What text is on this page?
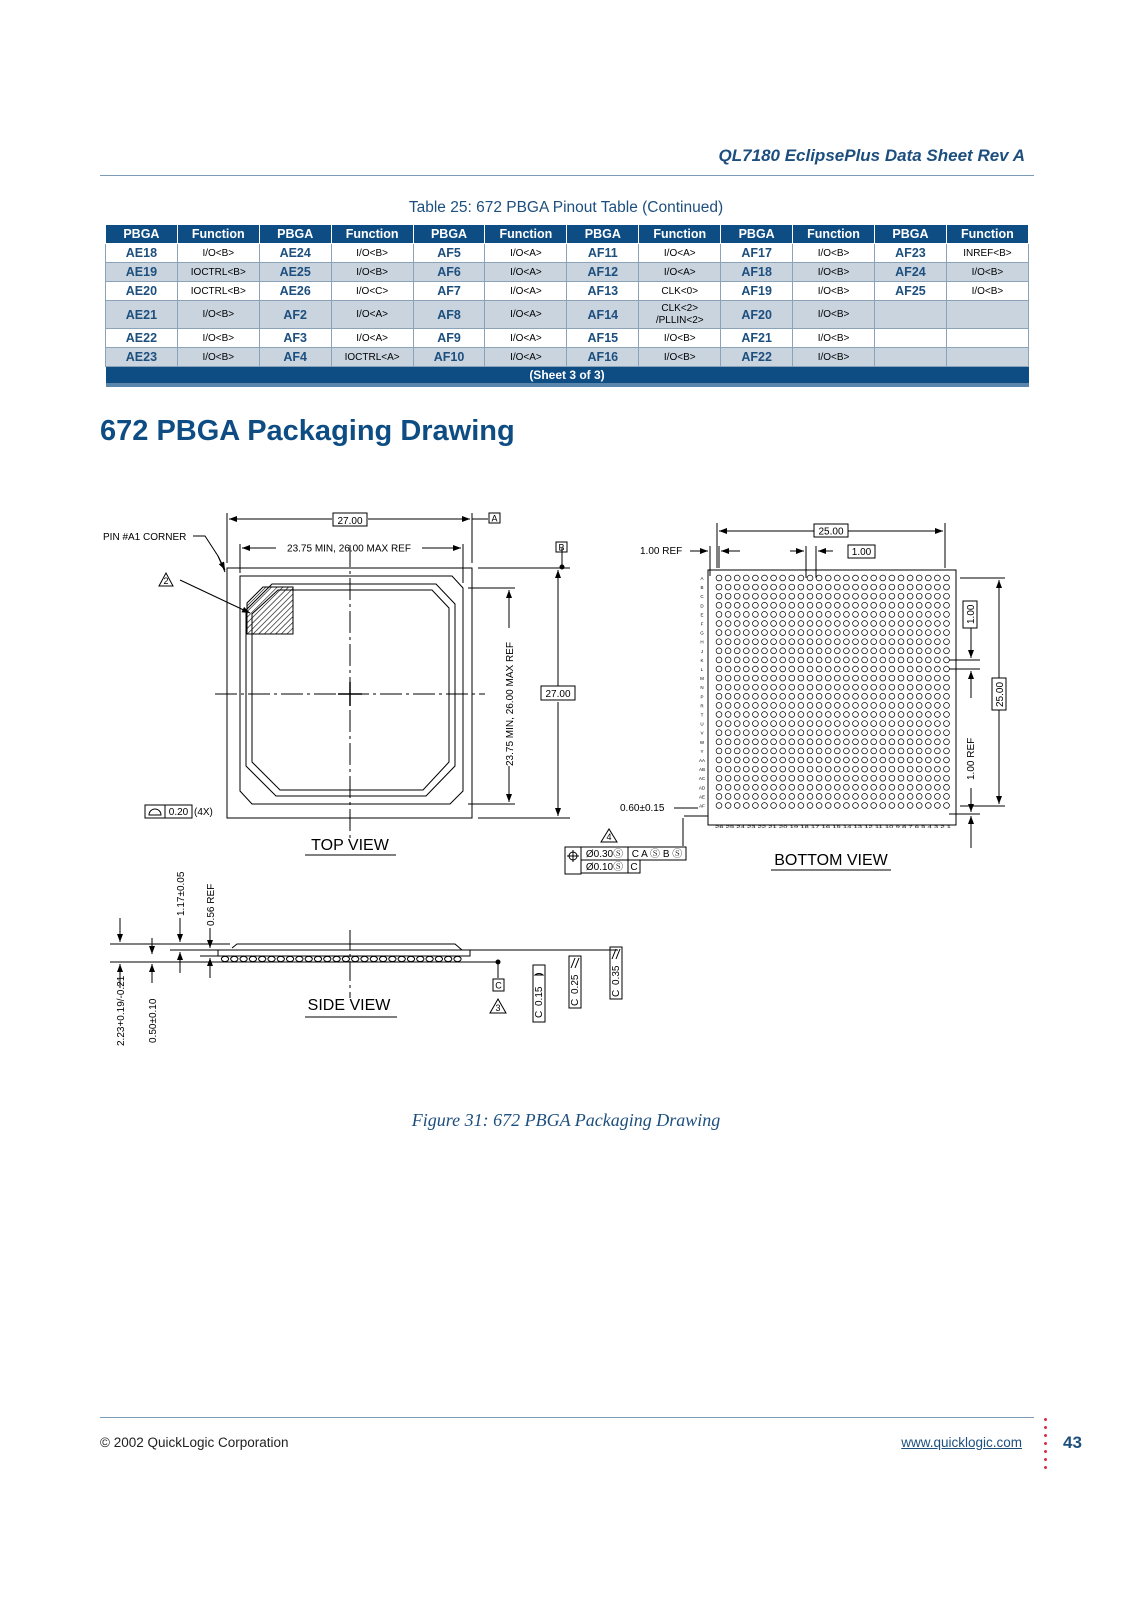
QL7180 EclipsePlus Data Sheet Rev A
Table 25: 672 PBGA Pinout Table (Continued)
PBGA	Function	PBGA	Function	PBGA	Function	PBGA	Function	PBGA	Function	PBGA	Function
AE18	I/O<B>	AE24	I/O<B>	AF5	I/O<A>	AF11	I/O<A>	AF17	I/O<B>	AF23	INREF<B>
AE19	IOCTRL<B>	AE25	I/O<B>	AF6	I/O<A>	AF12	I/O<A>	AF18	I/O<B>	AF24	I/O<B>
AE20	IOCTRL<B>	AE26	I/O<C>	AF7	I/O<A>	AF13	CLK<0>	AF19	I/O<B>	AF25	I/O<B>
AE21	I/O<B>	AF2	I/O<A>	AF8	I/O<A>	AF14	CLK<2>
/PLLIN<2>	AF20	I/O<B>		
AE22	I/O<B>	AF3	I/O<A>	AF9	I/O<A>	AF15	I/O<B>	AF21	I/O<B>		
AE23	I/O<B>	AF4	IOCTRL<A>	AF10	I/O<A>	AF16	I/O<B>	AF22	I/O<B>		
(Sheet 3 of 3)											
672 PBGA Packaging Drawing
27.00	A
23.75 MIN, 26.00 MAX REF
PIN #A1 CORNER
2
27.00
B
23.75 MIN, 26.00 MAX REF
0.20 (4X)
TOP VIEW
A
B
C
D
E
F
G
H
J
K
L
M
N
P
R
T
U
V
W
Y
AA
AB
AC
AD
AE
AF
26 25 24 23 22 21 20 19 18 17 16 15 14 13 12 11 10 9 8 7 6 5 4 3 2 1
25.00
1.00
1.00 REF
25.00
1.00
1.00 REF
0.60±0.15
4
Ø0.30Ⓢ C A Ⓢ B Ⓢ
Ø0.10Ⓢ C	BOTTOM VIEW
2.23+0.19/-0.21
1.17±0.05 0.56 REF
0.50±0.10
C
3
0.15
C
0.25
C
0.35
C
SIDE VIEW
Figure 31: 672 PBGA Packaging Drawing
© 2002 QuickLogic Corporation	www.quicklogic.com 43
